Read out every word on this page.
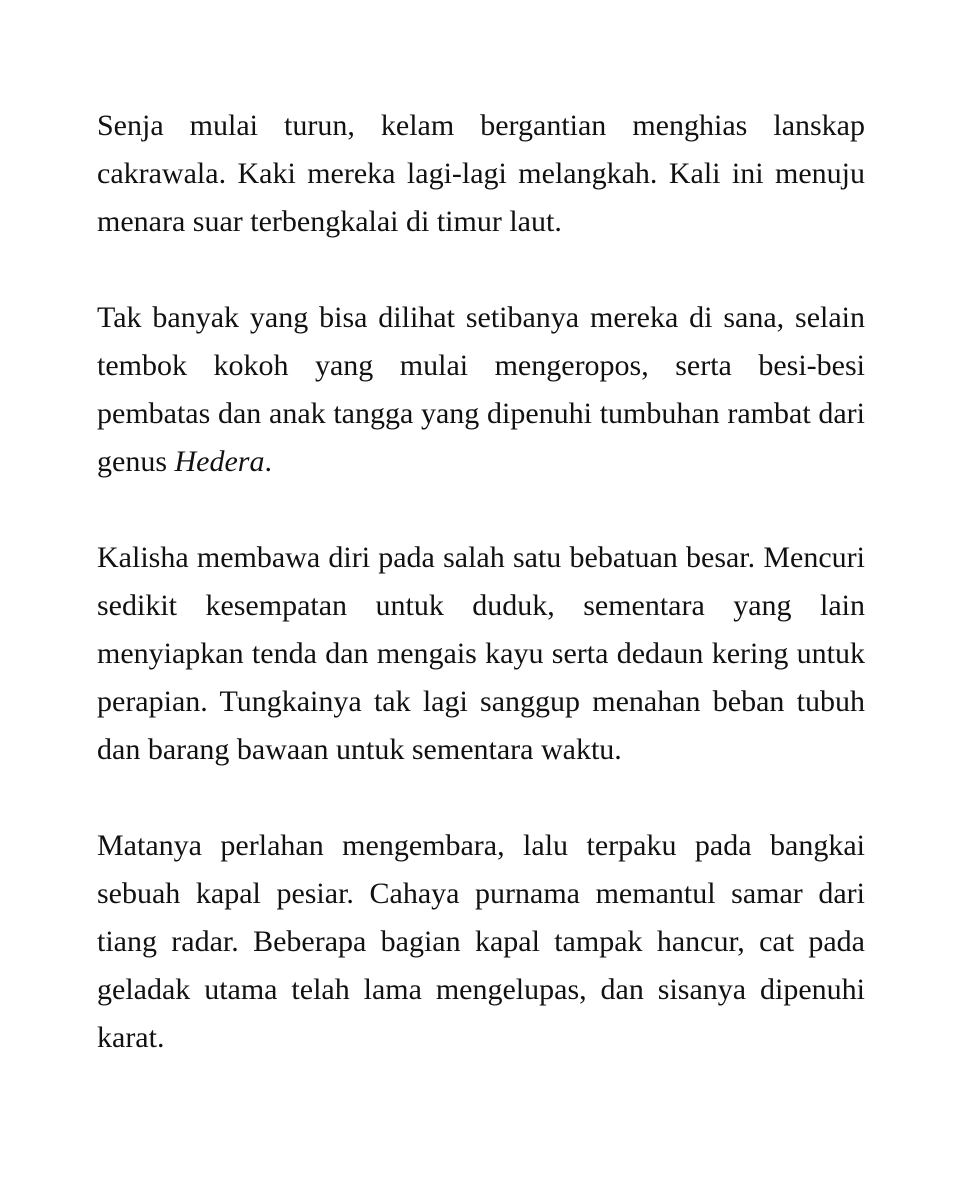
Senja mulai turun, kelam bergantian menghias lanskap cakrawala. Kaki mereka lagi-lagi melangkah. Kali ini menuju menara suar terbengkalai di timur laut.

Tak banyak yang bisa dilihat setibanya mereka di sana, selain tembok kokoh yang mulai mengeropos, serta besi-besi pembatas dan anak tangga yang dipenuhi tumbuhan rambat dari genus Hedera.

Kalisha membawa diri pada salah satu bebatuan besar. Mencuri sedikit kesempatan untuk duduk, sementara yang lain menyiapkan tenda dan mengais kayu serta dedaun kering untuk perapian. Tungkainya tak lagi sanggup menahan beban tubuh dan barang bawaan untuk sementara waktu.

Matanya perlahan mengembara, lalu terpaku pada bangkai sebuah kapal pesiar. Cahaya purnama memantul samar dari tiang radar. Beberapa bagian kapal tampak hancur, cat pada geladak utama telah lama mengelupas, dan sisanya dipenuhi karat.
